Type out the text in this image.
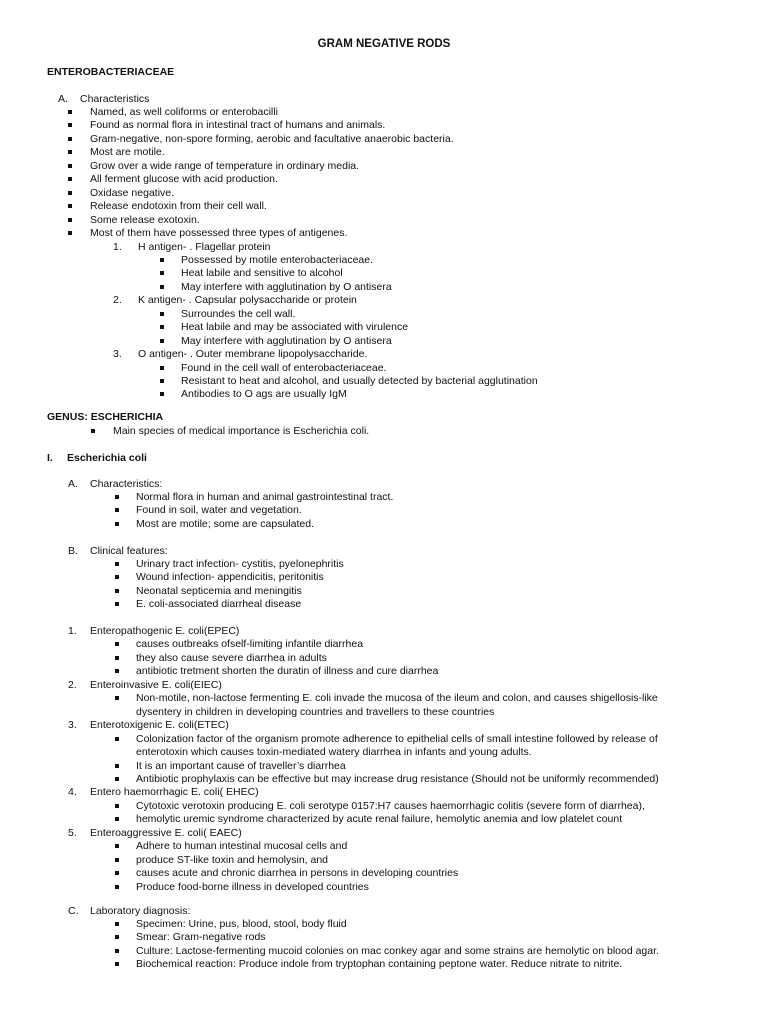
GRAM NEGATIVE RODS
ENTEROBACTERIACEAE
A. Characteristics
Named, as well coliforms or enterobacilli
Found as normal flora in intestinal tract of humans and animals.
Gram-negative, non-spore forming, aerobic and facultative anaerobic bacteria.
Most are motile.
Grow over a wide range of temperature in ordinary media.
All ferment glucose with acid production.
Oxidase negative.
Release endotoxin from their cell wall.
Some release exotoxin.
Most of them have possessed three types of antigenes.
1. H antigen- . Flagellar protein
Possessed by motile enterobacteriaceae.
Heat labile and sensitive to alcohol
May interfere with agglutination by O antisera
2. K antigen- . Capsular polysaccharide or protein
Surroundes the cell wall.
Heat labile and may be associated with virulence
May interfere with agglutination by O antisera
3. O antigen- . Outer membrane lipopolysaccharide.
Found in the cell wall of enterobacteriaceae.
Resistant to heat and alcohol, and usually detected by bacterial agglutination
Antibodies to O ags are usually IgM
GENUS: ESCHERICHIA
Main species of medical importance is Escherichia coli.
I. Escherichia coli
A. Characteristics:
Normal flora in human and animal gastrointestinal tract.
Found in soil, water and vegetation.
Most are motile; some are capsulated.
B. Clinical features:
Urinary tract infection- cystitis, pyelonephritis
Wound infection- appendicitis, peritonitis
Neonatal septicemia and meningitis
E. coli-associated diarrheal disease
1. Enteropathogenic E. coli(EPEC)
causes outbreaks ofself-limiting infantile diarrhea
they also cause severe diarrhea in adults
antibiotic tretment shorten the duratin of illness and cure diarrhea
2. Enteroinvasive E. coli(EIEC)
Non-motile, non-lactose fermenting E. coli invade the mucosa of the ileum and colon, and causes shigellosis-like
dysentery in children in developing countries and travellers to these countries
3. Enterotoxigenic E. coli(ETEC)
Colonization factor of the organism promote adherence to epithelial cells of small intestine followed by release of
enterotoxin which causes toxin-mediated watery diarrhea in infants and young adults.
It is an important cause of traveller’s diarrhea
Antibiotic prophylaxis can be effective but may increase drug resistance (Should not be uniformly recommended)
4. Entero haemorrhagic E. coli( EHEC)
Cytotoxic verotoxin producing E. coli serotype 0157:H7 causes haemorrhagic colitis (severe form of diarrhea),
hemolytic uremic syndrome characterized by acute renal failure, hemolytic anemia and low platelet count
5. Enteroaggressive E. coli( EAEC)
Adhere to human intestinal mucosal cells and
produce ST-like toxin and hemolysin, and
causes acute and chronic diarrhea in persons in developing countries
Produce food-borne illness in developed countries
C. Laboratory diagnosis:
Specimen: Urine, pus, blood, stool, body fluid
Smear: Gram-negative rods
Culture: Lactose-fermenting mucoid colonies on mac conkey agar and some strains are hemolytic on blood agar.
Biochemical reaction: Produce indole from tryptophan containing peptone water. Reduce nitrate to nitrite.
